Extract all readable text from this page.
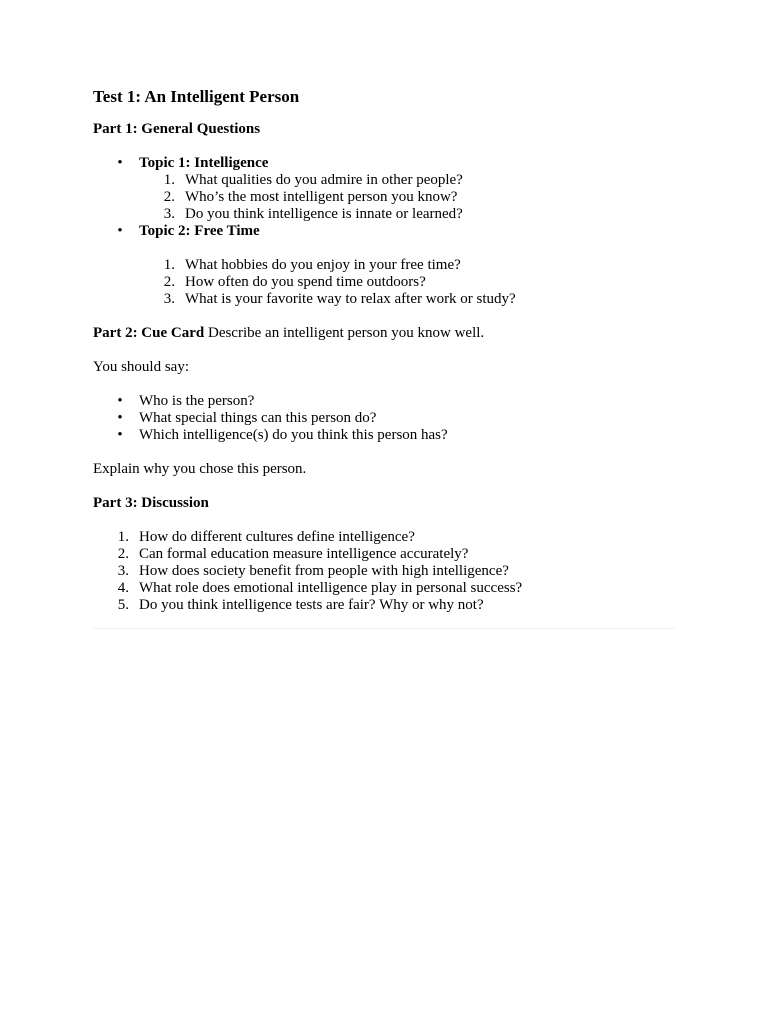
Test 1: An Intelligent Person
Part 1: General Questions
• Topic 1: Intelligence
1. What qualities do you admire in other people?
2. Who’s the most intelligent person you know?
3. Do you think intelligence is innate or learned?
• Topic 2: Free Time
1. What hobbies do you enjoy in your free time?
2. How often do you spend time outdoors?
3. What is your favorite way to relax after work or study?
Part 2: Cue Card Describe an intelligent person you know well.
You should say:
• Who is the person?
• What special things can this person do?
• Which intelligence(s) do you think this person has?
Explain why you chose this person.
Part 3: Discussion
1. How do different cultures define intelligence?
2. Can formal education measure intelligence accurately?
3. How does society benefit from people with high intelligence?
4. What role does emotional intelligence play in personal success?
5. Do you think intelligence tests are fair? Why or why not?
